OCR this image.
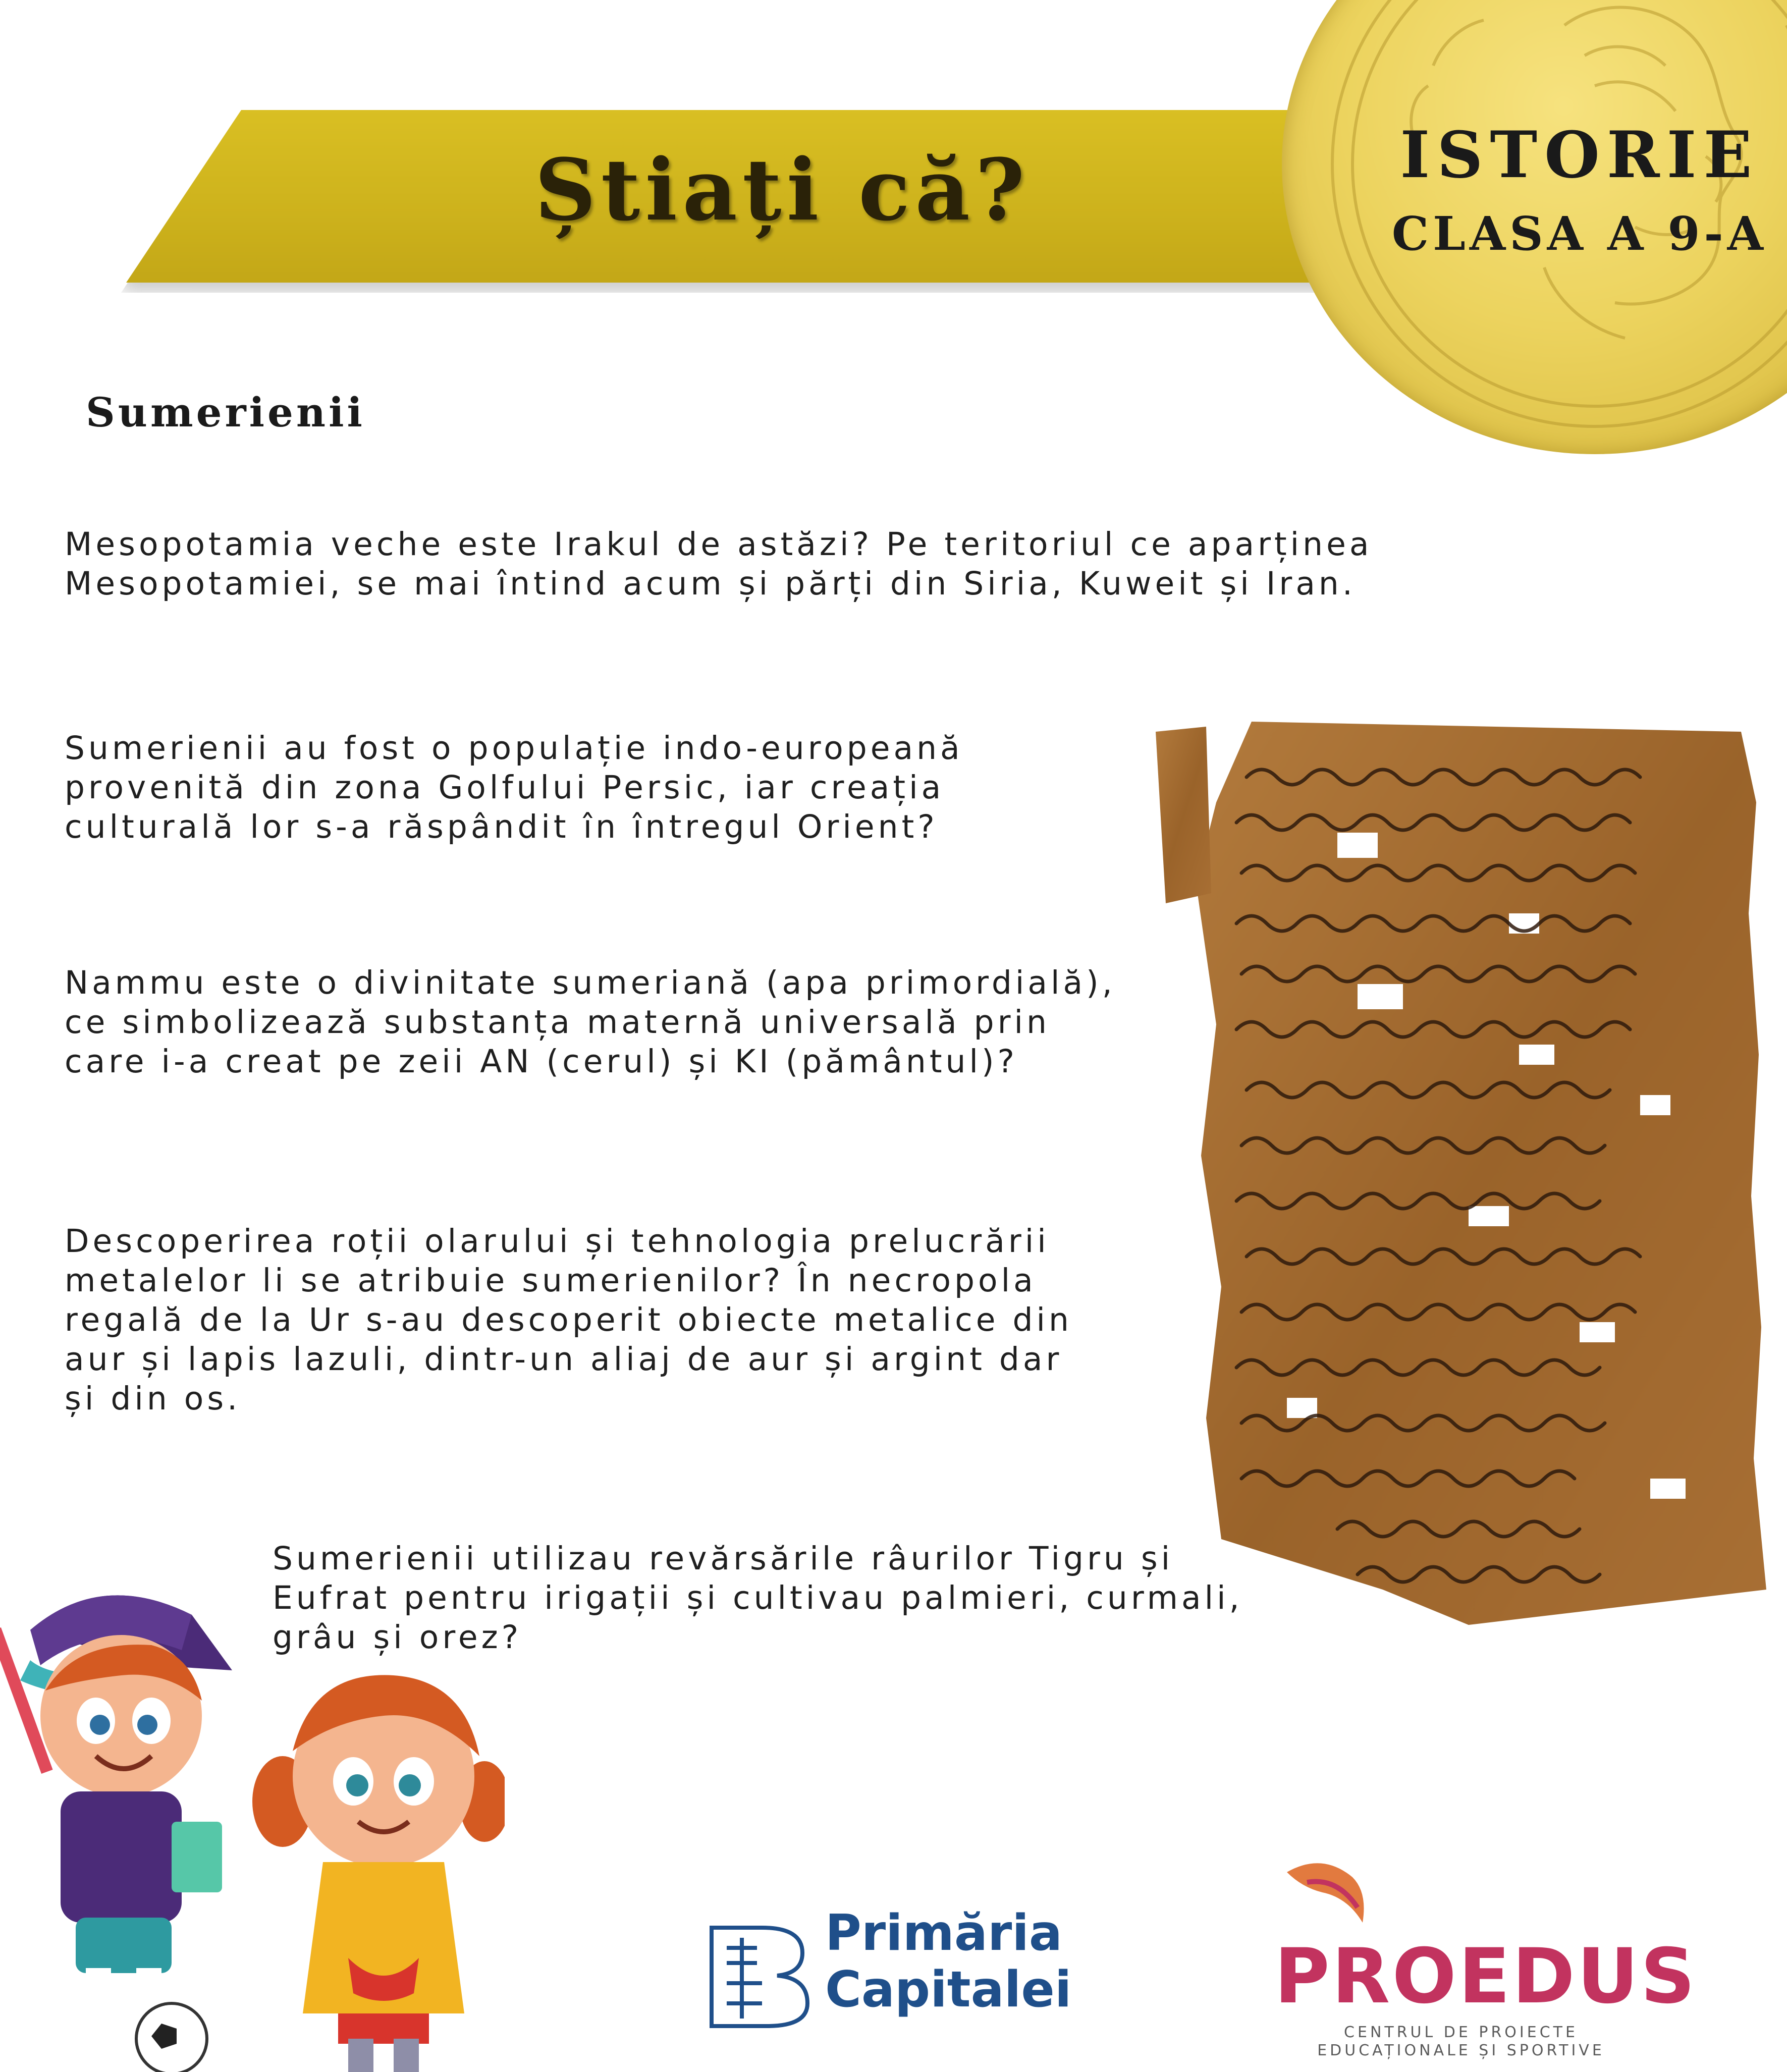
Știați că?	ISTORIE
CLASA A 9-A
Sumerienii
Mesopotamia veche este Irakul de astăzi? Pe teritoriul ce aparținea
Mesopotamiei, se mai întind acum și părți din Siria, Kuweit și Iran.
Sumerienii au fost o populație indo-europeană
provenită din zona Golfului Persic, iar creația
culturală lor s-a răspândit în întregul Orient?
Nammu este o divinitate sumeriană (apa primordială),
ce simbolizează substanța maternă universală prin
care i-a creat pe zeii AN (cerul) și KI (pământul)?
Descoperirea roții olarului și tehnologia prelucrării
metalelor li se atribuie sumerienilor? În necropola
regală de la Ur s-au descoperit obiecte metalice din
aur și lapis lazuli, dintr-un aliaj de aur și argint dar
și din os.
Sumerienii utilizau revărsările râurilor Tigru și
Eufrat pentru irigații și cultivau palmieri, curmali,
grâu și orez?
Primăria
Capitalei	PROEDUS
CENTRUL DE PROIECTE
EDUCAȚIONALE ȘI SPORTIVE
